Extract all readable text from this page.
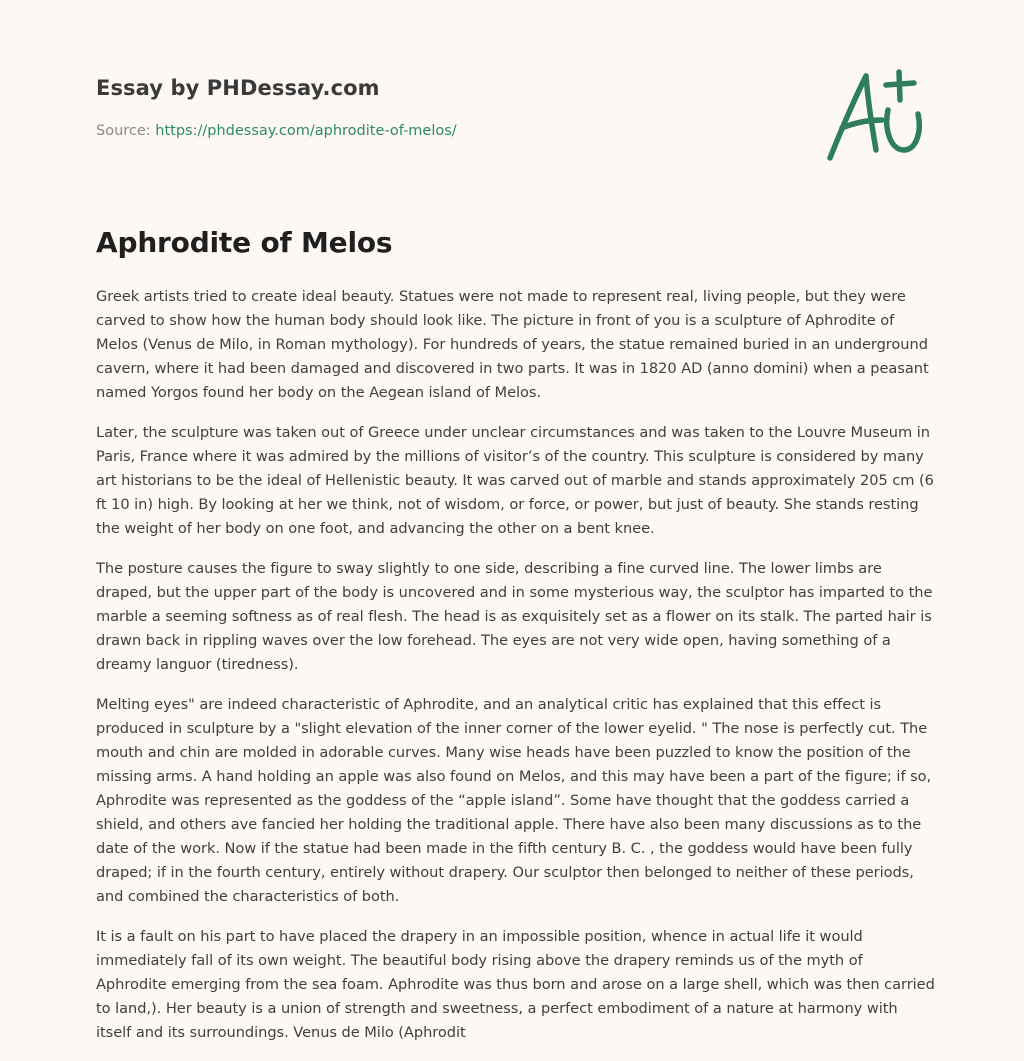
Essay by PHDessay.com
Source: https://phdessay.com/aphrodite-of-melos/
Aphrodite of Melos

Greek artists tried to create ideal beauty. Statues were not made to represent real, living people, but they were carved to show how the human body should look like. The picture in front of you is a sculpture of Aphrodite of Melos (Venus de Milo, in Roman mythology). For hundreds of years, the statue remained buried in an underground cavern, where it had been damaged and discovered in two parts. It was in 1820 AD (anno domini) when a peasant named Yorgos found her body on the Aegean island of Melos.

Later, the sculpture was taken out of Greece under unclear circumstances and was taken to the Louvre Museum in Paris, France where it was admired by the millions of visitor’s of the country. This sculpture is considered by many art historians to be the ideal of Hellenistic beauty. It was carved out of marble and stands approximately 205 cm (6 ft 10 in) high. By looking at her we think, not of wisdom, or force, or power, but just of beauty. She stands resting the weight of her body on one foot, and advancing the other on a bent knee.

The posture causes the figure to sway slightly to one side, describing a fine curved line. The lower limbs are draped, but the upper part of the body is uncovered and in some mysterious way, the sculptor has imparted to the marble a seeming softness as of real flesh. The head is as exquisitely set as a flower on its stalk. The parted hair is drawn back in rippling waves over the low forehead. The eyes are not very wide open, having something of a dreamy languor (tiredness).

Melting eyes" are indeed characteristic of Aphrodite, and an analytical critic has explained that this effect is produced in sculpture by a "slight elevation of the inner corner of the lower eyelid. " The nose is perfectly cut. The mouth and chin are molded in adorable curves. Many wise heads have been puzzled to know the position of the missing arms. A hand holding an apple was also found on Melos, and this may have been a part of the figure; if so, Aphrodite was represented as the goddess of the “apple island”. Some have thought that the goddess carried a shield, and others ave fancied her holding the traditional apple. There have also been many discussions as to the date of the work. Now if the statue had been made in the fifth century B. C. , the goddess would have been fully draped; if in the fourth century, entirely without drapery. Our sculptor then belonged to neither of these periods, and combined the characteristics of both.

It is a fault on his part to have placed the drapery in an impossible position, whence in actual life it would immediately fall of its own weight. The beautiful body rising above the drapery reminds us of the myth of Aphrodite emerging from the sea foam. Aphrodite was thus born and arose on a large shell, which was then carried to land,). Her beauty is a union of strength and sweetness, a perfect embodiment of a nature at harmony with itself and its surroundings. Venus de Milo (Aphrodit
